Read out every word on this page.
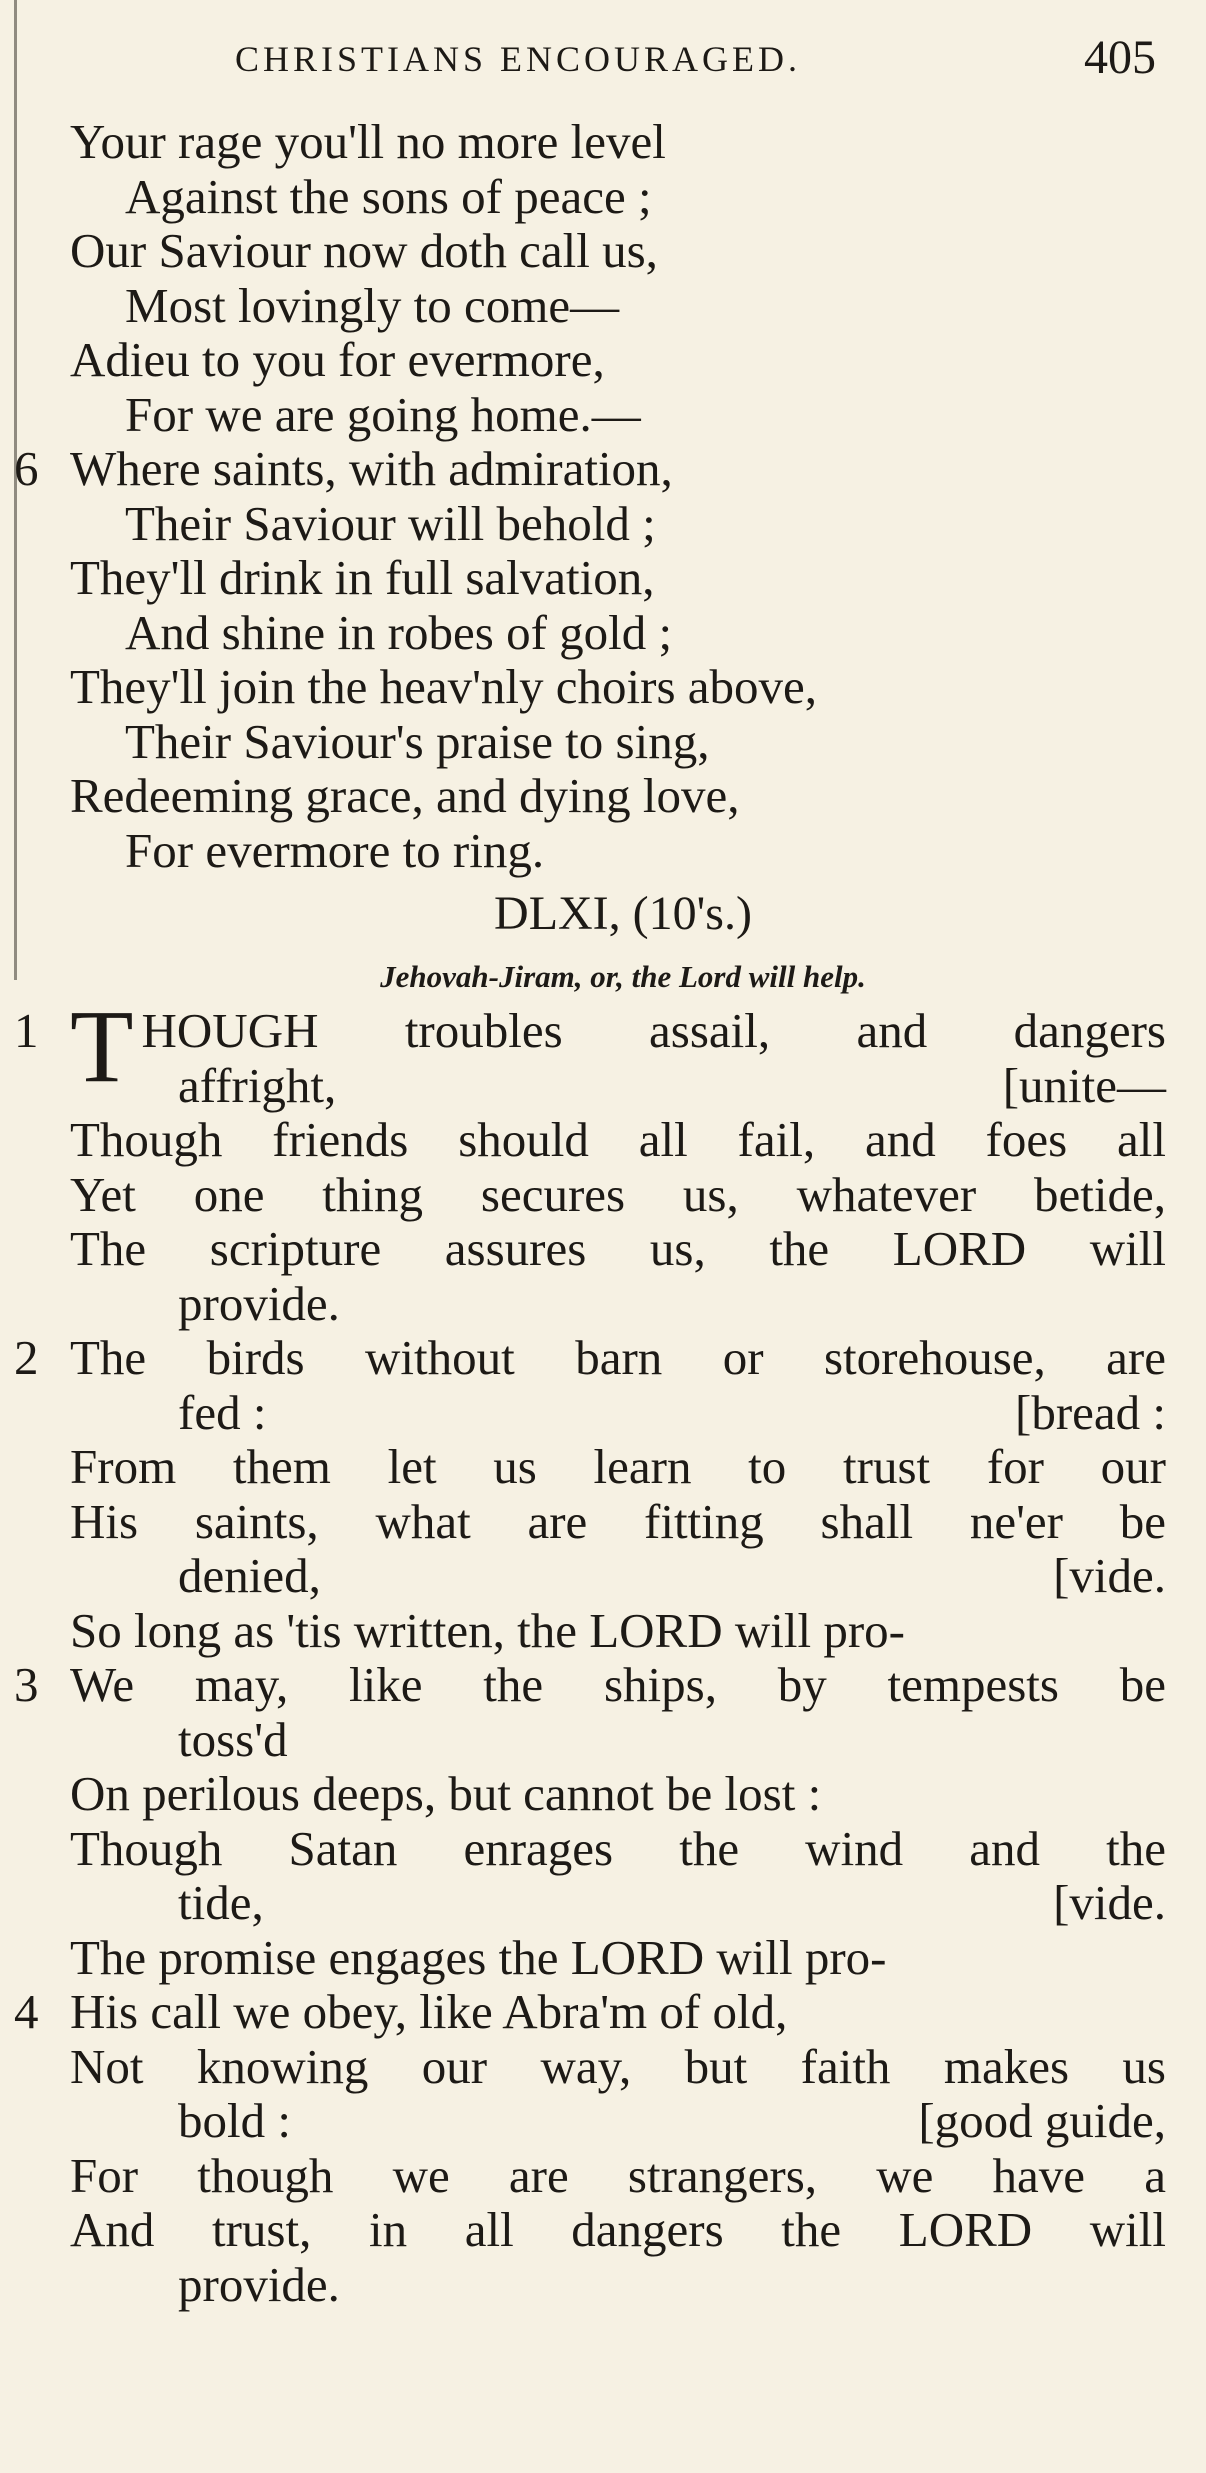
CHRISTIANS ENCOURAGED.	405
Your rage you'll no more level
Against the sons of peace ;
Our Saviour now doth call us,
Most lovingly to come—
Adieu to you for evermore,
For we are going home.—
6 Where saints, with admiration,
Their Saviour will behold ;
They'll drink in full salvation,
And shine in robes of gold ;
They'll join the heav'nly choirs above,
Their Saviour's praise to sing,
Redeeming grace, and dying love,
For evermore to ring.
DLXI, (10's.)
Jehovah-Jiram, or, the Lord will help.
1 T HOUGH troubles assail, and dangers
affright,	[unite—
Though friends should all fail, and foes all
Yet one thing secures us, whatever betide,
The scripture assures us, the LORD will
provide.
2 The birds without barn or storehouse, are
fed :	[bread :
From them let us learn to trust for our
His saints, what are fitting shall ne'er be
denied,	[vide.
So long as 'tis written, the LORD will pro-
3 We may, like the ships, by tempests be
toss'd
On perilous deeps, but cannot be lost :
Though Satan enrages the wind and the
tide,	[vide.
The promise engages the LORD will pro-
4 His call we obey, like Abra'm of old,
Not knowing our way, but faith makes us
bold :	[good guide,
For though we are strangers, we have a
And trust, in all dangers the LORD will
provide.
